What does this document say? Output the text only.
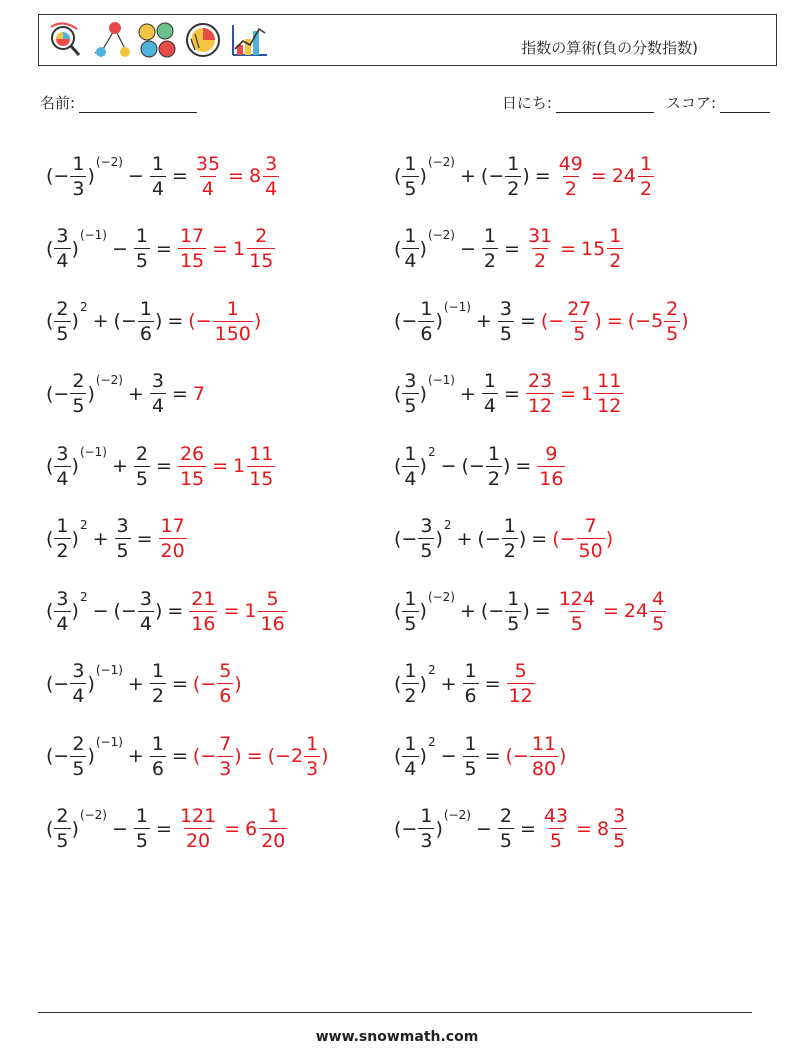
指数の算術(負の分数指数)
名前:	日にち:	スコア:
(− $\frac{1}{3}$ )
(−2)
− $\frac{1}{4} = \frac{35}{4} = 8 \frac{3}{4}$	( $\frac{1}{5}$ )
(−2)
+ (− $\frac{1}{2}$ ) = $\frac{49}{2} = 24 \frac{1}{2}$
( $\frac{3}{4}$ )
(−1)
− $\frac{1}{5} = \frac{17}{15} = 1 \frac{2}{15}$	( $\frac{1}{4}$ )
(−2)
− $\frac{1}{2} = \frac{31}{2} = 15 \frac{1}{2}$
( $\frac{2}{5}$ )
2
+ (− $\frac{1}{6}$ ) = (− $\frac{1}{150}$ )	(− $\frac{1}{6}$ )
(−1)
+ $\frac{3}{5}$ = (− $\frac{27}{5}$ ) = ($-5 \frac{2}{5}$ )
(− $\frac{2}{5}$ )
(−2)
+ $\frac{3}{4} = 7$	( $\frac{3}{5}$ )
(−1)
+ $\frac{1}{4} = \frac{23}{12} = 1 \frac{11}{12}$
( $\frac{3}{4}$ )
(−1)
+ $\frac{2}{5} = \frac{26}{15} = 1 \frac{11}{15}$	( $\frac{1}{4}$ )
2
− (− $\frac{1}{2}$ ) = $\frac{9}{16}$
( $\frac{1}{2}$ )
2
+ $\frac{3}{5} = \frac{17}{20}$	(− $\frac{3}{5}$ )
2
+ (− $\frac{1}{2}$ ) = (− $\frac{7}{50}$ )
( $\frac{3}{4}$ )
2
− (− $\frac{3}{4}$ ) = $\frac{21}{16} = 1 \frac{5}{16}$	( $\frac{1}{5}$ )
(−2)
+ (− $\frac{1}{5}$ ) = $\frac{124}{5} = 24 \frac{4}{5}$
(− $\frac{3}{4}$ )
(−1)
+ $\frac{1}{2}$ = (− $\frac{5}{6}$ )	( $\frac{1}{2}$ )
2
+ $\frac{1}{6} = \frac{5}{12}$
(− $\frac{2}{5}$ )
(−1)
+ $\frac{1}{6}$ = (− $\frac{7}{3}$ ) = ($-2 \frac{1}{3}$ )	( $\frac{1}{4}$ )
2
− $\frac{1}{5}$ = (− $\frac{11}{80}$ )
( $\frac{2}{5}$ )
(−2)
− $\frac{1}{5} = \frac{121}{20} = 6 \frac{1}{20}$	(− $\frac{1}{3}$ )
(−2)
− $\frac{2}{5} = \frac{43}{5} = 8 \frac{3}{5}$
www.snowmath.com
